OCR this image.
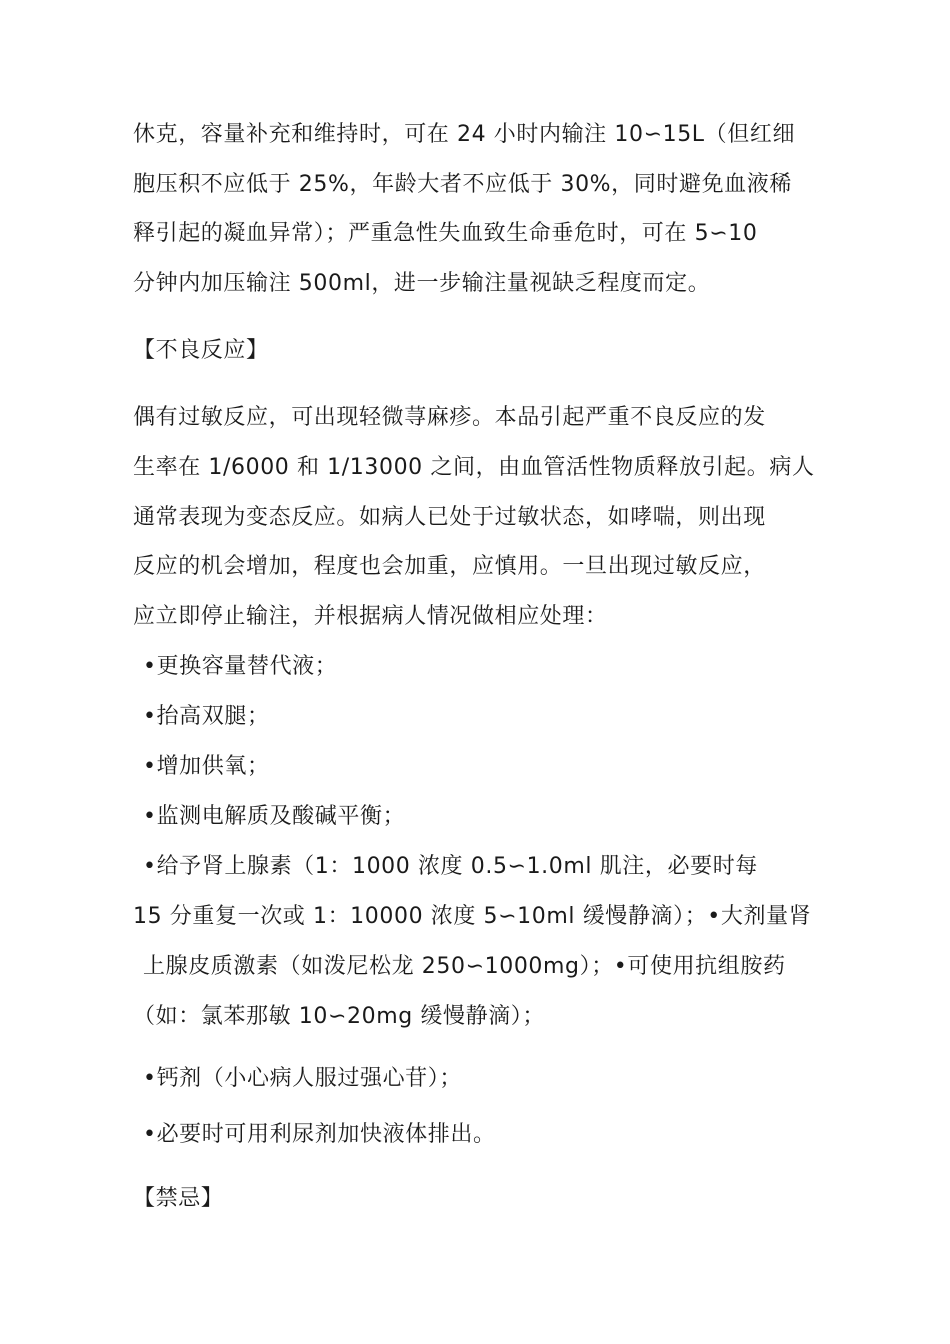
休克，容量补充和维持时，可在 24 小时内输注 10∽15L（但红细
胞压积不应低于 25%，年龄大者不应低于 30%，同时避免血液稀
释引起的凝血异常）；严重急性失血致生命垂危时，可在 5∽10
分钟内加压输注 500ml，进一步输注量视缺乏程度而定。
【不良反应】
偶有过敏反应，可出现轻微荨麻疹。本品引起严重不良反应的发
生率在 1/6000 和 1/13000 之间，由血管活性物质释放引起。病人
通常表现为变态反应。如病人已处于过敏状态，如哮喘，则出现
反应的机会增加，程度也会加重，应慎用。一旦出现过敏反应，
应立即停止输注，并根据病人情况做相应处理：
•更换容量替代液；
•抬高双腿；
•增加供氧；
•监测电解质及酸碱平衡；
•给予肾上腺素（1：1000 浓度 0.5∽1.0ml 肌注，必要时每
15 分重复一次或 1：10000 浓度 5∽10ml 缓慢静滴）；•大剂量肾
上腺皮质激素（如泼尼松龙 250∽1000mg）；•可使用抗组胺药
（如：氯苯那敏 10∽20mg 缓慢静滴）；
•钙剂（小心病人服过强心苷）；
•必要时可用利尿剂加快液体排出。
【禁忌】
